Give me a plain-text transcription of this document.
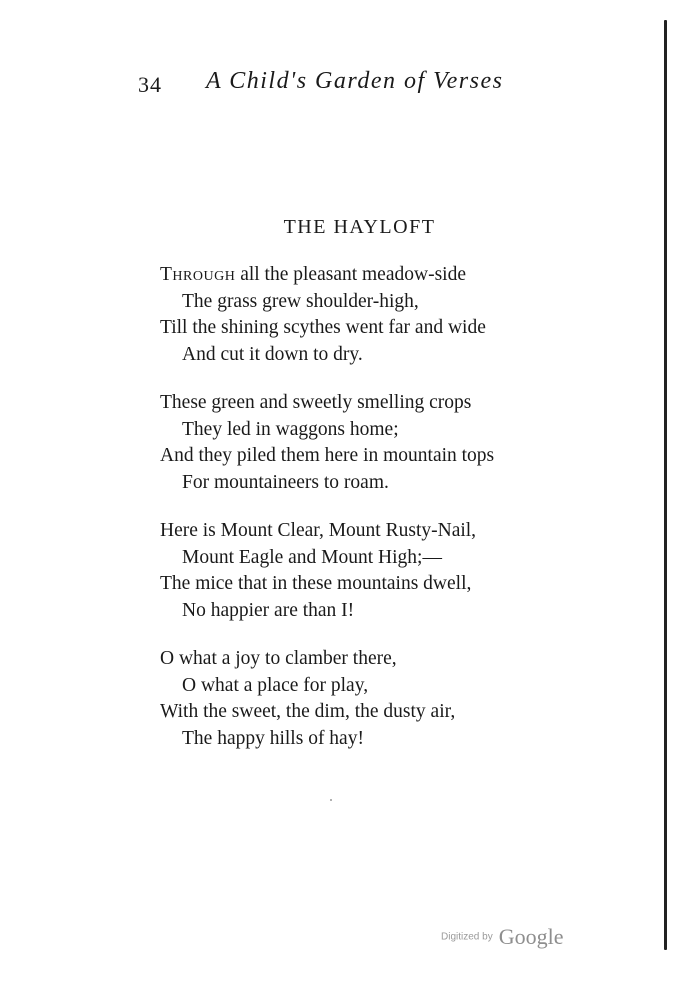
34 A Child's Garden of Verses
THE HAYLOFT
Through all the pleasant meadow-side
The grass grew shoulder-high,
Till the shining scythes went far and wide
And cut it down to dry.
These green and sweetly smelling crops
They led in waggons home;
And they piled them here in mountain tops
For mountaineers to roam.
Here is Mount Clear, Mount Rusty-Nail,
Mount Eagle and Mount High;—
The mice that in these mountains dwell,
No happier are than I!
O what a joy to clamber there,
O what a place for play,
With the sweet, the dim, the dusty air,
The happy hills of hay!
Digitized by Google
